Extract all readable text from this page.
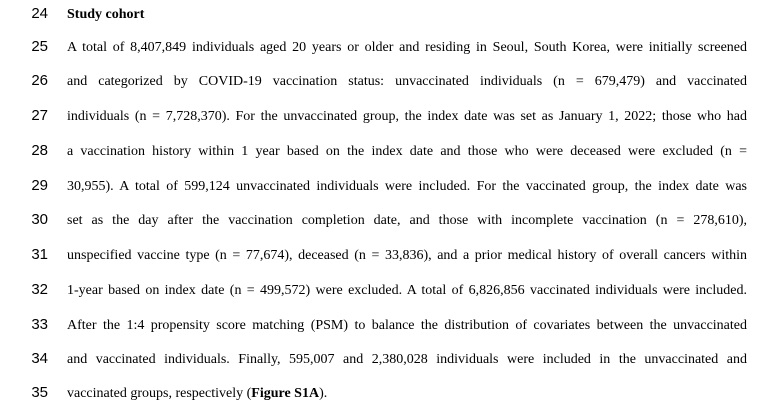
24 Study cohort
25 A total of 8,407,849 individuals aged 20 years or older and residing in Seoul, South Korea, were initially screened
26 and categorized by COVID-19 vaccination status: unvaccinated individuals (n = 679,479) and vaccinated
27 individuals (n = 7,728,370). For the unvaccinated group, the index date was set as January 1, 2022; those who had
28 a vaccination history within 1 year based on the index date and those who were deceased were excluded (n =
29 30,955). A total of 599,124 unvaccinated individuals were included. For the vaccinated group, the index date was
30 set as the day after the vaccination completion date, and those with incomplete vaccination (n = 278,610),
31 unspecified vaccine type (n = 77,674), deceased (n = 33,836), and a prior medical history of overall cancers within
32 1-year based on index date (n = 499,572) were excluded. A total of 6,826,856 vaccinated individuals were included.
33 After the 1:4 propensity score matching (PSM) to balance the distribution of covariates between the unvaccinated
34 and vaccinated individuals. Finally, 595,007 and 2,380,028 individuals were included in the unvaccinated and
35 vaccinated groups, respectively (Figure S1A).
